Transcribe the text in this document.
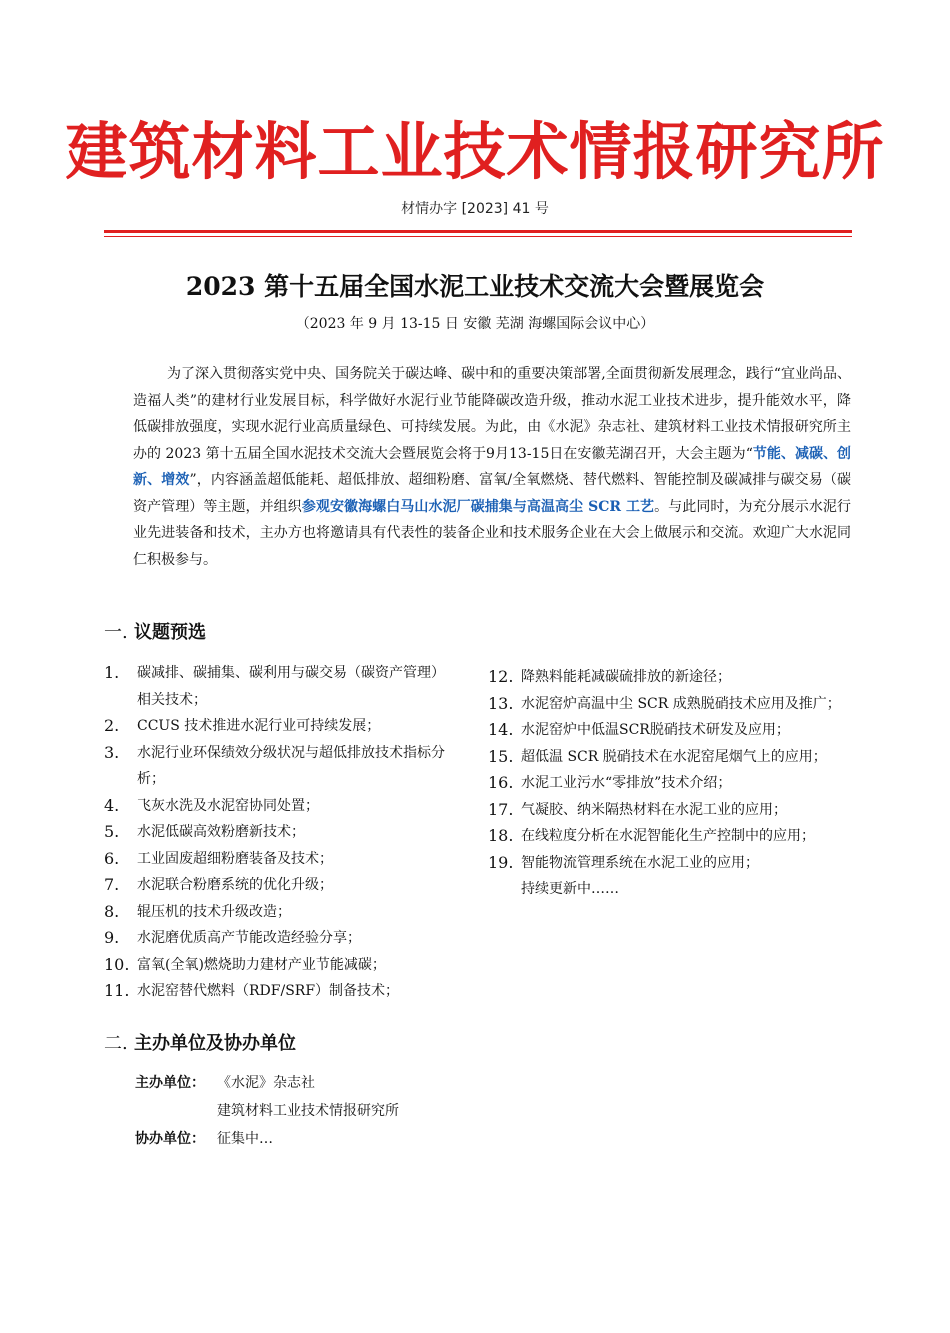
建筑材料工业技术情报研究所
材情办字 [2023] 41 号
2023 第十五届全国水泥工业技术交流大会暨展览会
（2023 年 9 月 13-15 日 安徽 芜湖 海螺国际会议中心）
为了深入贯彻落实党中央、国务院关于碳达峰、碳中和的重要决策部署,全面贯彻新发展理念，践行“宜业尚品、造福人类”的建材行业发展目标，科学做好水泥行业节能降碳改造升级，推动水泥工业技术进步，提升能效水平，降低碳排放强度，实现水泥行业高质量绿色、可持续发展。为此，由《水泥》杂志社、建筑材料工业技术情报研究所主办的 2023 第十五届全国水泥技术交流大会暨展览会将于9月13-15日在安徽芜湖召开，大会主题为“节能、减碳、创新、增效”，内容涵盖超低能耗、超低排放、超细粉磨、富氧/全氧燃烧、替代燃料、智能控制及碳减排与碳交易（碳资产管理）等主题，并组织参观安徽海螺白马山水泥厂碳捕集与高温高尘 SCR 工艺。与此同时，为充分展示水泥行业先进装备和技术，主办方也将邀请具有代表性的装备企业和技术服务企业在大会上做展示和交流。欢迎广大水泥同仁积极参与。
一. 议题预选
1. 碳减排、碳捕集、碳利用与碳交易（碳资产管理）相关技术；
2. CCUS 技术推进水泥行业可持续发展；
3. 水泥行业环保绩效分级状况与超低排放技术指标分析；
4. 飞灰水洗及水泥窑协同处置；
5. 水泥低碳高效粉磨新技术；
6. 工业固废超细粉磨装备及技术；
7. 水泥联合粉磨系统的优化升级；
8. 辊压机的技术升级改造；
9. 水泥磨优质高产节能改造经验分享；
10. 富氧(全氧)燃烧助力建材产业节能减碳；
11. 水泥窑替代燃料（RDF/SRF）制备技术；
12. 降熟料能耗减碳硫排放的新途径；
13. 水泥窑炉高温中尘 SCR 成熟脱硝技术应用及推广；
14. 水泥窑炉中低温SCR脱硝技术研发及应用；
15. 超低温 SCR 脱硝技术在水泥窑尾烟气上的应用；
16. 水泥工业污水“零排放”技术介绍；
17. 气凝胶、纳米隔热材料在水泥工业的应用；
18. 在线粒度分析在水泥智能化生产控制中的应用；
19. 智能物流管理系统在水泥工业的应用；
持续更新中……
二. 主办单位及协办单位
主办单位： 《水泥》杂志社
建筑材料工业技术情报研究所
协办单位： 征集中…
